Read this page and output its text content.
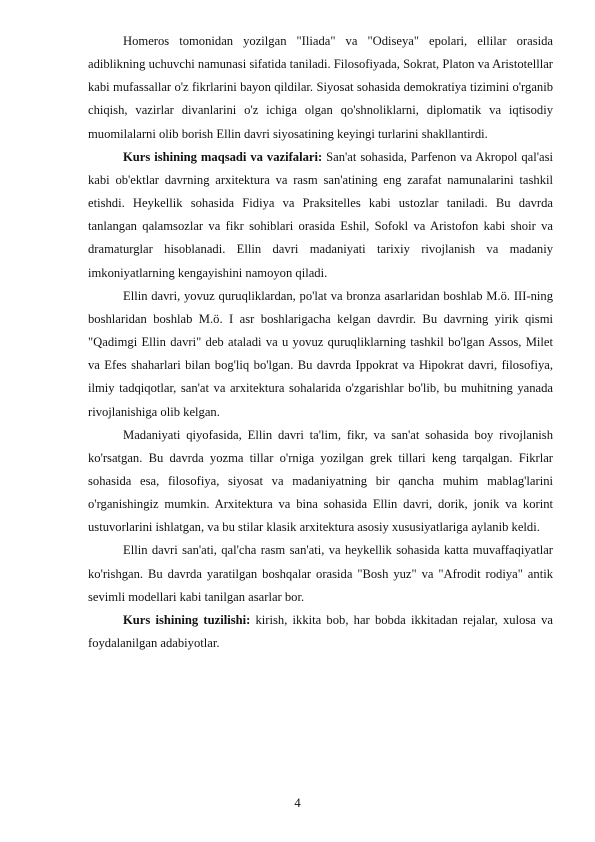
Homeros tomonidan yozilgan "Iliada" va "Odiseya" epolari, ellilar orasida adiblikning uchuvchi namunasi sifatida taniladi. Filosofiyada, Sokrat, Platon va Aristotelllar kabi mufassallar o'z fikrlarini bayon qildilar. Siyosat sohasida demokratiya tizimini o'rganib chiqish, vazirlar divanlarini o'z ichiga olgan qo'shnoliklarni, diplomatik va iqtisodiy muomilalarni olib borish Ellin davri siyosatining keyingi turlarini shakllantirdi.

Kurs ishining maqsadi va vazifalari: San'at sohasida, Parfenon va Akropol qal'asi kabi ob'ektlar davrning arxitektura va rasm san'atining eng zarafat namunalarini tashkil etishdi. Heykellik sohasida Fidiya va Praksitelles kabi ustozlar taniladi. Bu davrda tanlangan qalamsozlar va fikr sohiblari orasida Eshil, Sofokl va Aristofon kabi shoir va dramaturglar hisoblanadi. Ellin davri madaniyati tarixiy rivojlanish va madaniy imkoniyatlarning kengayishini namoyon qiladi.

Ellin davri, yovuz quruqliklardan, po'lat va bronza asarlaridan boshlab M.ö. III-ning boshlaridan boshlab M.ö. I asr boshlarigacha kelgan davrdir. Bu davrning yirik qismi "Qadimgi Ellin davri" deb ataladi va u yovuz quruqliklarning tashkil bo'lgan Assos, Milet va Efes shaharlari bilan bog'liq bo'lgan. Bu davrda Ippokrat va Hipokrat davri, filosofiya, ilmiy tadqiqotlar, san'at va arxitektura sohalarida o'zgarishlar bo'lib, bu muhitning yanada rivojlanishiga olib kelgan.

Madaniyati qiyofasida, Ellin davri ta'lim, fikr, va san'at sohasida boy rivojlanish ko'rsatgan. Bu davrda yozma tillar o'rniga yozilgan grek tillari keng tarqalgan. Fikrlar sohasida esa, filosofiya, siyosat va madaniyatning bir qancha muhim mablag'larini o'rganishingiz mumkin. Arxitektura va bina sohasida Ellin davri, dorik, jonik va korint ustuvorlarini ishlatgan, va bu stilar klasik arxitektura asosiy xususiyatlariga aylanib keldi.

Ellin davri san'ati, qal'cha rasm san'ati, va heykellik sohasida katta muvaffaqiyatlar ko'rishgan. Bu davrda yaratilgan boshqalar orasida "Bosh yuz" va "Afrodit rodiya" antik sevimli modellari kabi tanilgan asarlar bor.

Kurs ishining tuzilishi: kirish, ikkita bob, har bobda ikkitadan rejalar, xulosa va foydalanilgan adabiyotlar.

4
